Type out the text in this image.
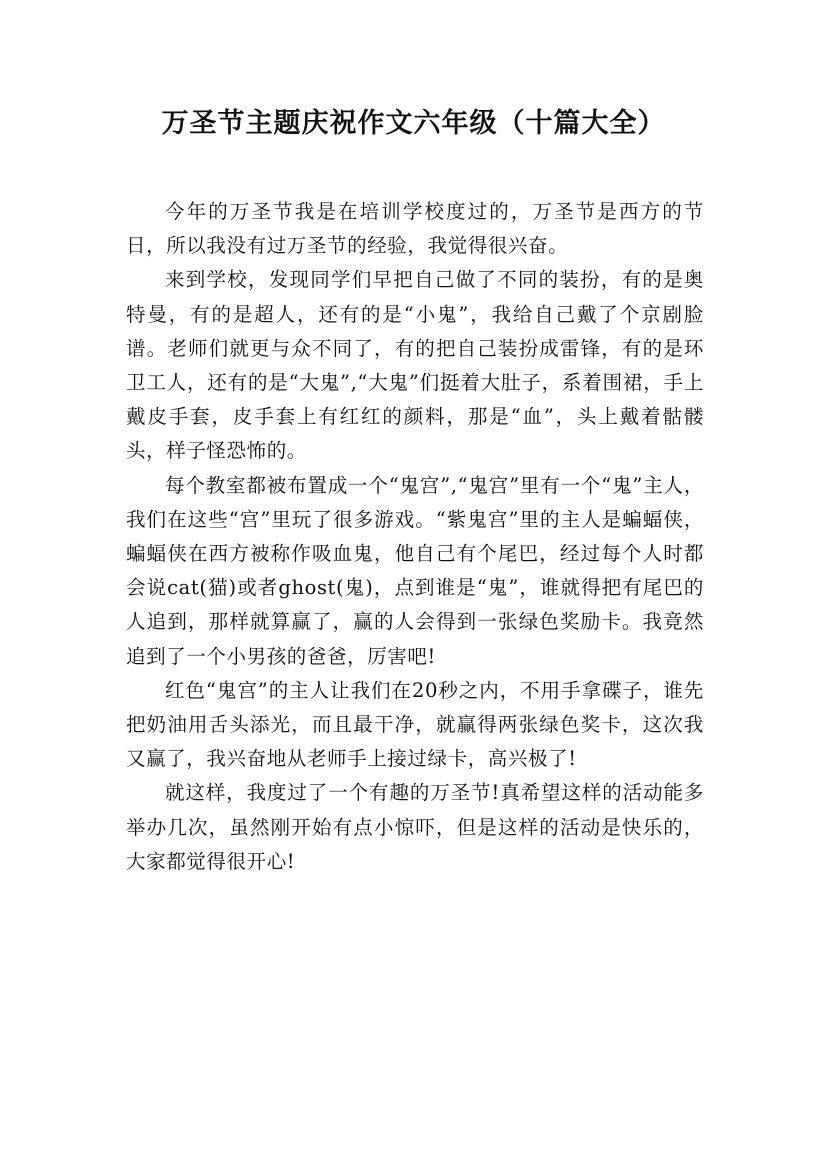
万圣节主题庆祝作文六年级（十篇大全）

今年的万圣节我是在培训学校度过的，万圣节是西方的节日，所以我没有过万圣节的经验，我觉得很兴奋。

来到学校，发现同学们早把自己做了不同的装扮，有的是奥特曼，有的是超人，还有的是“小鬼”，我给自己戴了个京剧脸谱。老师们就更与众不同了，有的把自己装扮成雷锋，有的是环卫工人，还有的是“大鬼”,“大鬼”们挺着大肚子，系着围裙，手上戴皮手套，皮手套上有红红的颜料，那是“血”，头上戴着骷髅头，样子怪恐怖的。

每个教室都被布置成一个“鬼宫”,“鬼宫”里有一个“鬼”主人，我们在这些“宫”里玩了很多游戏。“紫鬼宫”里的主人是蝙蝠侠，蝙蝠侠在西方被称作吸血鬼，他自己有个尾巴，经过每个人时都会说cat(猫)或者ghost(鬼)，点到谁是“鬼”，谁就得把有尾巴的人追到，那样就算赢了，赢的人会得到一张绿色奖励卡。我竟然追到了一个小男孩的爸爸，厉害吧!

红色“鬼宫”的主人让我们在20秒之内，不用手拿碟子，谁先把奶油用舌头添光，而且最干净，就赢得两张绿色奖卡，这次我又赢了，我兴奋地从老师手上接过绿卡，高兴极了!

就这样，我度过了一个有趣的万圣节!真希望这样的活动能多举办几次，虽然刚开始有点小惊吓，但是这样的活动是快乐的，大家都觉得很开心!
